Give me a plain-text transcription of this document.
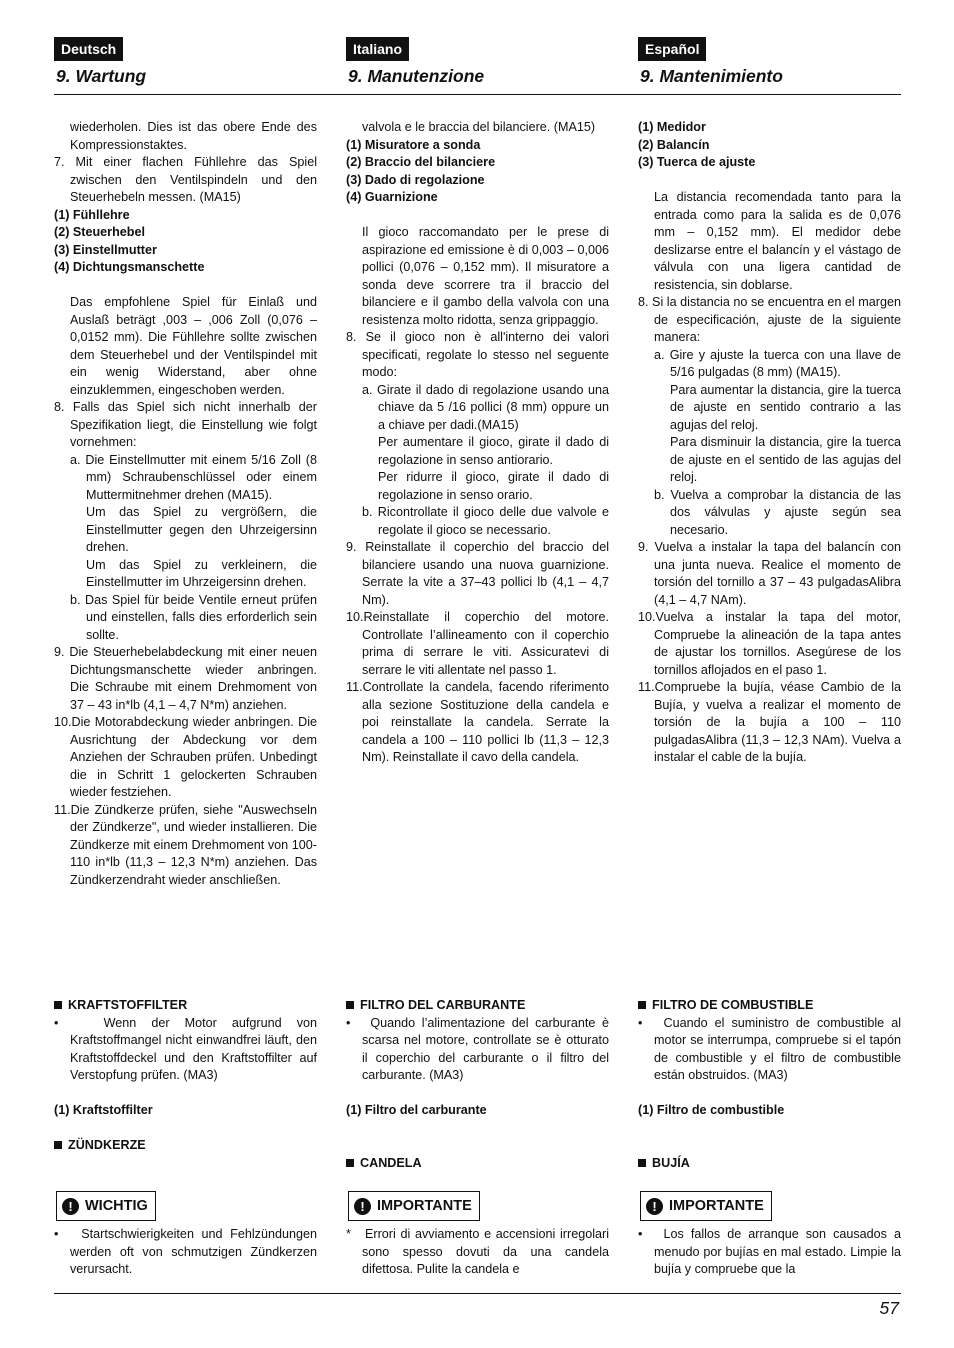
Deutsch	Italiano	Español
9. Wartung	9. Manutenzione	9. Mantenimiento

wiederholen. Dies ist das obere Ende des Kompressionstaktes.

7. Mit einer flachen Fühllehre das Spiel zwischen den Ventilspindeln und den Steuerhebeln messen. (MA15)

(1) Fühllehre

(2) Steuerhebel

(3) Einstellmutter

(4) Dichtungsmanschette

Das empfohlene Spiel für Einlaß und Auslaß beträgt ,003 – ,006 Zoll (0,076 – 0,0152 mm). Die Fühllehre sollte zwischen dem Steuerhebel und der Ventilspindel mit ein wenig Widerstand, aber ohne einzuklemmen, eingeschoben werden.

8. Falls das Spiel sich nicht innerhalb der Spezifikation liegt, die Einstellung wie folgt vornehmen:

a. Die Einstellmutter mit einem 5/16 Zoll (8 mm) Schraubenschlüssel oder einem Muttermitnehmer drehen (MA15).

Um das Spiel zu vergrößern, die Einstellmutter gegen den Uhrzeigersinn drehen.

Um das Spiel zu verkleinern, die Einstellmutter im Uhrzeigersinn drehen.

b. Das Spiel für beide Ventile erneut prüfen und einstellen, falls dies erforderlich sein sollte.

9. Die Steuerhebelabdeckung mit einer neuen Dichtungsmanschette wieder anbringen. Die Schraube mit einem Drehmoment von 37 – 43 in*lb (4,1 – 4,7 N*m) anziehen.

10.Die Motorabdeckung wieder anbringen. Die Ausrichtung der Abdeckung vor dem Anziehen der Schrauben prüfen. Unbedingt die in Schritt 1 gelockerten Schrauben wieder festziehen.

11.Die Zündkerze prüfen, siehe "Auswechseln der Zündkerze", und wieder installieren. Die Zündkerze mit einem Drehmoment von 100-110 in*lb (11,3 – 12,3 N*m) anziehen. Das Zündkerzendraht wieder anschließen.

valvola e le braccia del bilanciere. (MA15)

(1) Misuratore a sonda

(2) Braccio del bilanciere

(3) Dado di regolazione

(4) Guarnizione

Il gioco raccomandato per le prese di aspirazione ed emissione è di 0,003 – 0,006 pollici (0,076 – 0,152 mm). Il misuratore a sonda deve scorrere tra il braccio del bilanciere e il gambo della valvola con una resistenza molto ridotta, senza grippaggio.

8. Se il gioco non è all'interno dei valori specificati, regolate lo stesso nel seguente modo:

a. Girate il dado di regolazione usando una chiave da 5 /16 pollici (8 mm) oppure un a chiave per dadi.(MA15)

Per aumentare il gioco, girate il dado di regolazione in senso antiorario.

Per ridurre il gioco, girate il dado di regolazione in senso orario.

b. Ricontrollate il gioco delle due valvole e regolate il gioco se necessario.

9. Reinstallate il coperchio del braccio del bilanciere usando una nuova guarnizione. Serrate la vite a 37–43 pollici lb (4,1 – 4,7 Nm).

10.Reinstallate il coperchio del motore. Controllate l’allineamento con il coperchio prima di serrare le viti. Assicuratevi di serrare le viti allentate nel passo 1.

11.Controllate la candela, facendo riferimento alla sezione Sostituzione della candela e poi reinstallate la candela. Serrate la candela a 100 – 110 pollici lb (11,3 – 12,3 Nm). Reinstallate il cavo della candela.

(1) Medidor

(2) Balancín

(3) Tuerca de ajuste

La distancia recomendada tanto para la entrada como para la salida es de 0,076 mm – 0,152 mm). El medidor debe deslizarse entre el balancín y el vástago de válvula con una ligera cantidad de resistencia, sin doblarse.

8. Si la distancia no se encuentra en el margen de especificación, ajuste de la siguiente manera:

a. Gire y ajuste la tuerca con una llave de 5/16 pulgadas (8 mm) (MA15).

Para aumentar la distancia, gire la tuerca de ajuste en sentido contrario a las agujas del reloj.

Para disminuir la distancia, gire la tuerca de ajuste en el sentido de las agujas del reloj.

b. Vuelva a comprobar la distancia de las dos válvulas y ajuste según sea necesario.

9. Vuelva a instalar la tapa del balancín con una junta nueva. Realice el momento de torsión del tornillo a 37 – 43 pulgadasAlibra (4,1 – 4,7 NAm).

10.Vuelva a instalar la tapa del motor, Compruebe la alineación de la tapa antes de ajustar los tornillos. Asegúrese de los tornillos aflojados en el paso 1.

11.Compruebe la bujía, véase Cambio de la Bujía, y vuelva a realizar el momento de torsión de la bujía a 100 – 110 pulgadasAlibra (11,3 – 12,3 NAm). Vuelva a instalar el cable de la bujía.

KRAFTSTOFFILTER

•   Wenn der Motor aufgrund von Kraftstoffmangel nicht einwandfrei läuft, den Kraftstoffdeckel und den Kraftstoffilter auf Verstopfung prüfen. (MA3)

(1) Kraftstoffilter

ZÜNDKERZE
FILTRO DEL CARBURANTE

•   Quando l’alimentazione del carburante è scarsa nel motore, controllate se è otturato il coperchio del carburante o il filtro del carburante. (MA3)

(1) Filtro del carburante

CANDELA
FILTRO DE COMBUSTIBLE

•   Cuando el suministro de combustible al motor se interrumpa, compruebe si el tapón de combustible y el filtro de combustible están obstruidos. (MA3)

(1) Filtro de combustible

BUJÍA
! WICHTIG	! IMPORTANTE	! IMPORTANTE

•   Startschwierigkeiten und Fehlzündungen werden oft von schmutzigen Zündkerzen verursacht.

*   Errori di avviamento e accensioni irregolari sono spesso dovuti da una candela difettosa. Pulite la candela e

•   Los fallos de arranque son causados a menudo por bujías en mal estado. Limpie la bujía y compruebe que la

57
